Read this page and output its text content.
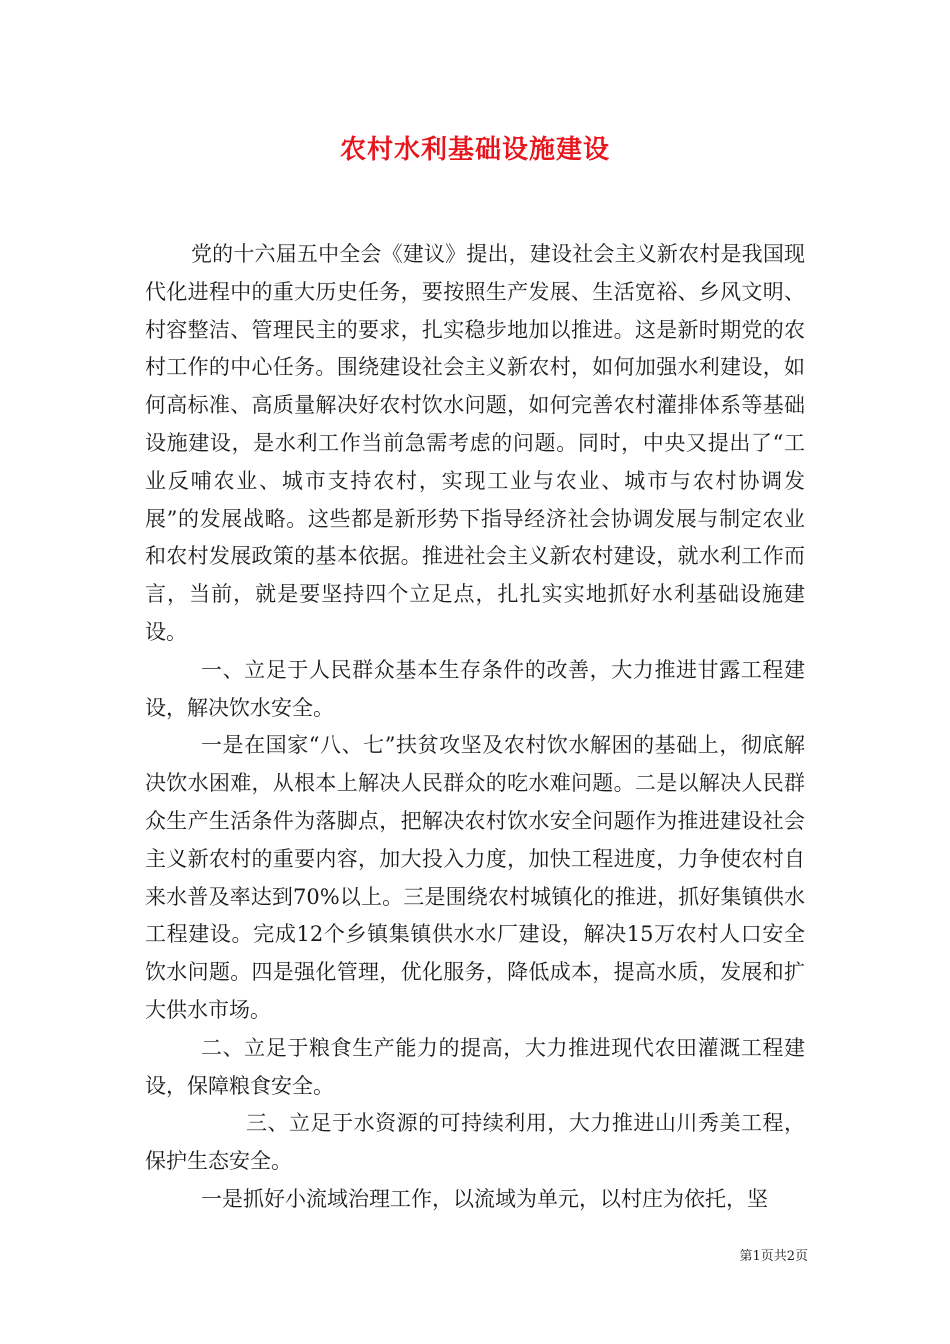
农村水利基础设施建设

党的十六届五中全会《建议》提出，建设社会主义新农村是我国现代化进程中的重大历史任务，要按照生产发展、生活宽裕、乡风文明、村容整洁、管理民主的要求，扎实稳步地加以推进。这是新时期党的农村工作的中心任务。围绕建设社会主义新农村，如何加强水利建设，如何高标准、高质量解决好农村饮水问题，如何完善农村灌排体系等基础设施建设，是水利工作当前急需考虑的问题。同时，中央又提出了“工业反哺农业、城市支持农村，实现工业与农业、城市与农村协调发展”的发展战略。这些都是新形势下指导经济社会协调发展与制定农业和农村发展政策的基本依据。推进社会主义新农村建设，就水利工作而言，当前，就是要坚持四个立足点，扎扎实实地抓好水利基础设施建设。

一、立足于人民群众基本生存条件的改善，大力推进甘露工程建设，解决饮水安全。

一是在国家“八、七”扶贫攻坚及农村饮水解困的基础上，彻底解决饮水困难，从根本上解决人民群众的吃水难问题。二是以解决人民群众生产生活条件为落脚点，把解决农村饮水安全问题作为推进建设社会主义新农村的重要内容，加大投入力度，加快工程进度，力争使农村自来水普及率达到70%以上。三是围绕农村城镇化的推进，抓好集镇供水工程建设。完成12个乡镇集镇供水水厂建设，解决15万农村人口安全饮水问题。四是强化管理，优化服务，降低成本，提高水质，发展和扩大供水市场。

二、立足于粮食生产能力的提高，大力推进现代农田灌溉工程建设，保障粮食安全。

三、立足于水资源的可持续利用，大力推进山川秀美工程，保护生态安全。

一是抓好小流域治理工作，以流域为单元，以村庄为依托，坚

第1页共2页
